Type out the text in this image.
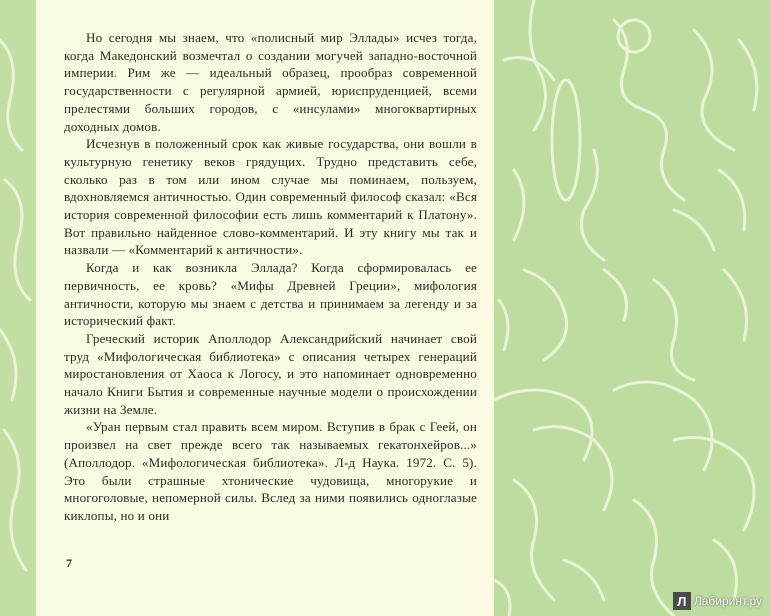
Но сегодня мы знаем, что «полисный мир Эллады» исчез тогда, когда Македонский возмечтал о создании могучей западно-восточной империи. Рим же — идеальный образец, прообраз современной государственности с регулярной армией, юриспруденцией, всеми прелестями больших городов, с «инсулами» многоквартирных доходных домов.

Исчезнув в положенный срок как живые государства, они вошли в культурную генетику веков грядущих. Трудно представить себе, сколько раз в том или ином случае мы поминаем, пользуем, вдохновляемся античностью. Один современный философ сказал: «Вся история современной философии есть лишь комментарий к Платону». Вот правильно найденное слово-комментарий. И эту книгу мы так и назвали — «Комментарий к античности».

Когда и как возникла Эллада? Когда сформировалась ее первичность, ее кровь? «Мифы Древней Греции», мифология античности, которую мы знаем с детства и принимаем за легенду и за исторический факт.

Греческий историк Аполлодор Александрийский начинает свой труд «Мифологическая библиотека» с описания четырех генераций миростановления от Хаоса к Логосу, и это напоминает одновременно начало Книги Бытия и современные научные модели о происхождении жизни на Земле.

«Уран первым стал править всем миром. Вступив в брак с Геей, он произвел на свет прежде всего так называемых гекатонхейров...» (Аполлодор. «Мифологическая библиотека». Л-д Наука. 1972. С. 5). Это были страшные хтонические чудовища, многорукие и многоголовые, непомерной силы. Вслед за ними появились одноглазые киклопы, но и они

7
Л Лабиринт.ру
